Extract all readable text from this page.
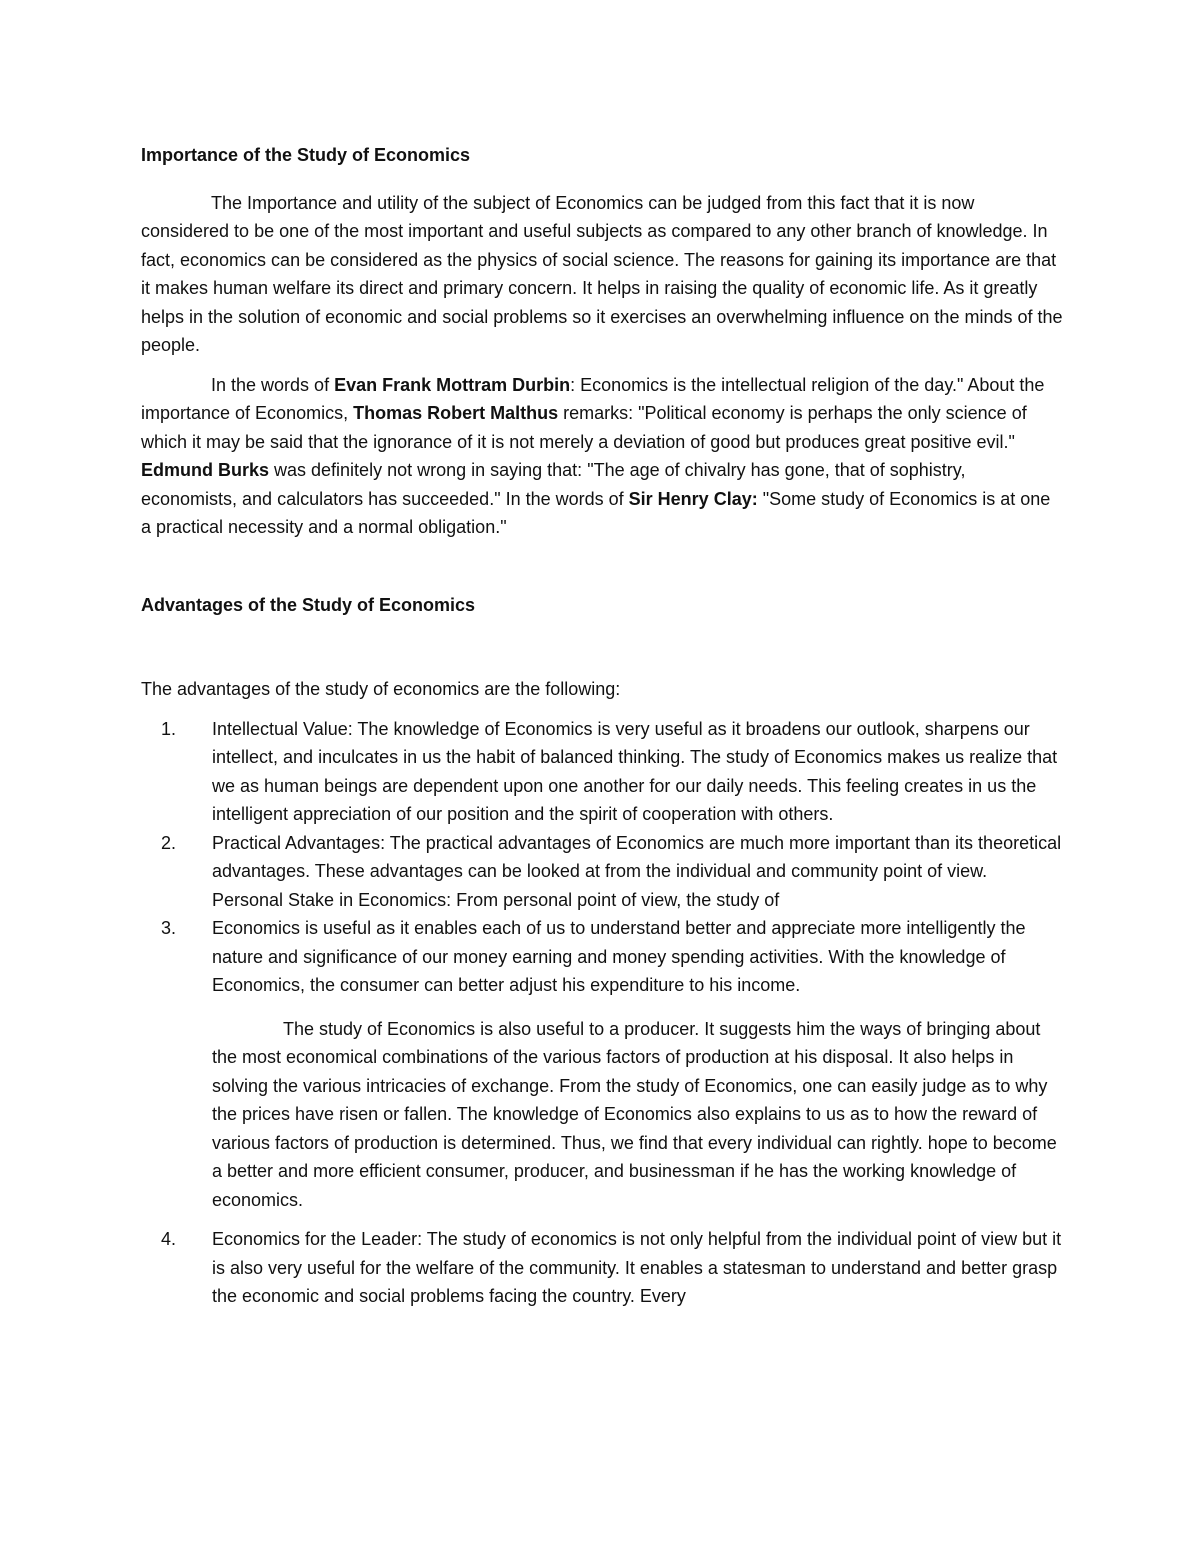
Importance of the Study of Economics

The Importance and utility of the subject of Economics can be judged from this fact that it is now considered to be one of the most important and useful subjects as compared to any other branch of knowledge. In fact, economics can be considered as the physics of social science. The reasons for gaining its importance are that it makes human welfare its direct and primary concern. It helps in raising the quality of economic life. As it greatly helps in the solution of economic and social problems so it exercises an overwhelming influence on the minds of the people.

In the words of Evan Frank Mottram Durbin: Economics is the intellectual religion of the day." About the importance of Economics, Thomas Robert Malthus remarks: "Political economy is perhaps the only science of which it may be said that the ignorance of it is not merely a deviation of good but produces great positive evil." Edmund Burks was definitely not wrong in saying that: "The age of chivalry has gone, that of sophistry, economists, and calculators has succeeded." In the words of Sir Henry Clay: "Some study of Economics is at one a practical necessity and a normal obligation."

Advantages of the Study of Economics

The advantages of the study of economics are the following:

1.	Intellectual Value: The knowledge of Economics is very useful as it broadens our outlook, sharpens our intellect, and inculcates in us the habit of balanced thinking. The study of Economics makes us realize that we as human beings are dependent upon one another for our daily needs. This feeling creates in us the intelligent appreciation of our position and the spirit of cooperation with others.
2.	Practical Advantages: The practical advantages of Economics are much more important than its theoretical advantages. These advantages can be looked at from the individual and community point of view. Personal Stake in Economics: From personal point of view, the study of
3.	Economics is useful as it enables each of us to understand better and appreciate more intelligently the nature and significance of our money earning and money spending activities. With the knowledge of Economics, the consumer can better adjust his expenditure to his income.

The study of Economics is also useful to a producer. It suggests him the ways of bringing about the most economical combinations of the various factors of production at his disposal. It also helps in solving the various intricacies of exchange. From the study of Economics, one can easily judge as to why the prices have risen or fallen. The knowledge of Economics also explains to us as to how the reward of various factors of production is determined. Thus, we find that every individual can rightly. hope to become a better and more efficient consumer, producer, and businessman if he has the working knowledge of economics.

4.	Economics for the Leader: The study of economics is not only helpful from the individual point of view but it is also very useful for the welfare of the community. It enables a statesman to understand and better grasp the economic and social problems facing the country. Every
